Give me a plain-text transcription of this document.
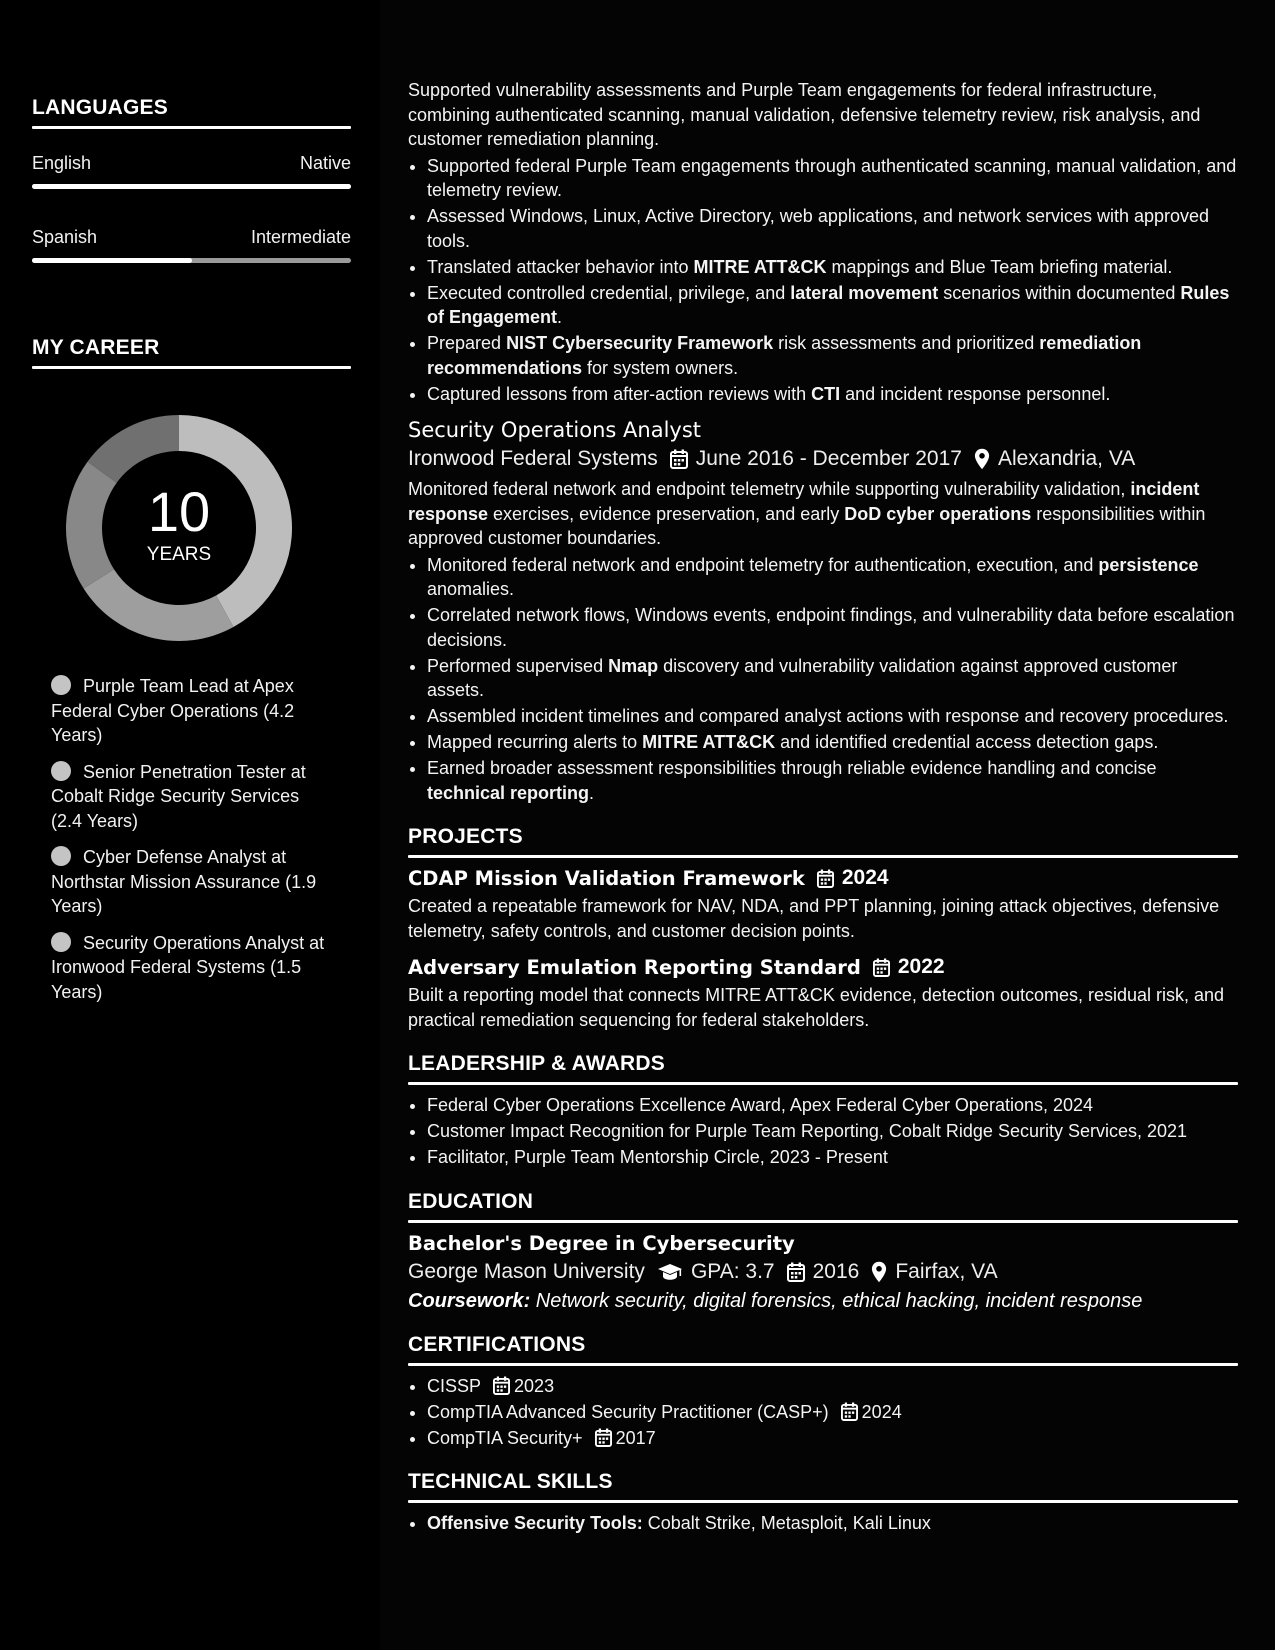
LANGUAGES
English	Native
Spanish	Intermediate
MY CAREER
10
YEARS
Purple Team Lead at Apex Federal Cyber Operations (4.2 Years)
Senior Penetration Tester at Cobalt Ridge Security Services (2.4 Years)
Cyber Defense Analyst at Northstar Mission Assurance (1.9 Years)
Security Operations Analyst at Ironwood Federal Systems (1.5 Years)

Supported vulnerability assessments and Purple Team engagements for federal infrastructure, combining authenticated scanning, manual validation, defensive telemetry review, risk analysis, and customer remediation planning.

• Supported federal Purple Team engagements through authenticated scanning, manual validation, and telemetry review.
• Assessed Windows, Linux, Active Directory, web applications, and network services with approved tools.
• Translated attacker behavior into MITRE ATT&CK mappings and Blue Team briefing material.
• Executed controlled credential, privilege, and lateral movement scenarios within documented Rules of Engagement.
• Prepared NIST Cybersecurity Framework risk assessments and prioritized remediation recommendations for system owners.
• Captured lessons from after-action reviews with CTI and incident response personnel.
Security Operations Analyst
Ironwood Federal Systems June 2016 - December 2017 Alexandria, VA

Monitored federal network and endpoint telemetry while supporting vulnerability validation, incident response exercises, evidence preservation, and early DoD cyber operations responsibilities within approved customer boundaries.

• Monitored federal network and endpoint telemetry for authentication, execution, and persistence anomalies.
• Correlated network flows, Windows events, endpoint findings, and vulnerability data before escalation decisions.
• Performed supervised Nmap discovery and vulnerability validation against approved customer assets.
• Assembled incident timelines and compared analyst actions with response and recovery procedures.
• Mapped recurring alerts to MITRE ATT&CK and identified credential access detection gaps.
• Earned broader assessment responsibilities through reliable evidence handling and concise technical reporting.
PROJECTS
CDAP Mission Validation Framework 2024

Created a repeatable framework for NAV, NDA, and PPT planning, joining attack objectives, defensive telemetry, safety controls, and customer decision points.

Adversary Emulation Reporting Standard 2022

Built a reporting model that connects MITRE ATT&CK evidence, detection outcomes, residual risk, and practical remediation sequencing for federal stakeholders.

LEADERSHIP & AWARDS
• Federal Cyber Operations Excellence Award, Apex Federal Cyber Operations, 2024
• Customer Impact Recognition for Purple Team Reporting, Cobalt Ridge Security Services, 2021
• Facilitator, Purple Team Mentorship Circle, 2023 - Present
EDUCATION
Bachelor's Degree in Cybersecurity
George Mason University GPA: 3.7 2016 Fairfax, VA

Coursework: Network security, digital forensics, ethical hacking, incident response

CERTIFICATIONS
• CISSP 2023
• CompTIA Advanced Security Practitioner (CASP+) 2024
• CompTIA Security+ 2017
TECHNICAL SKILLS
• Offensive Security Tools: Cobalt Strike, Metasploit, Kali Linux
